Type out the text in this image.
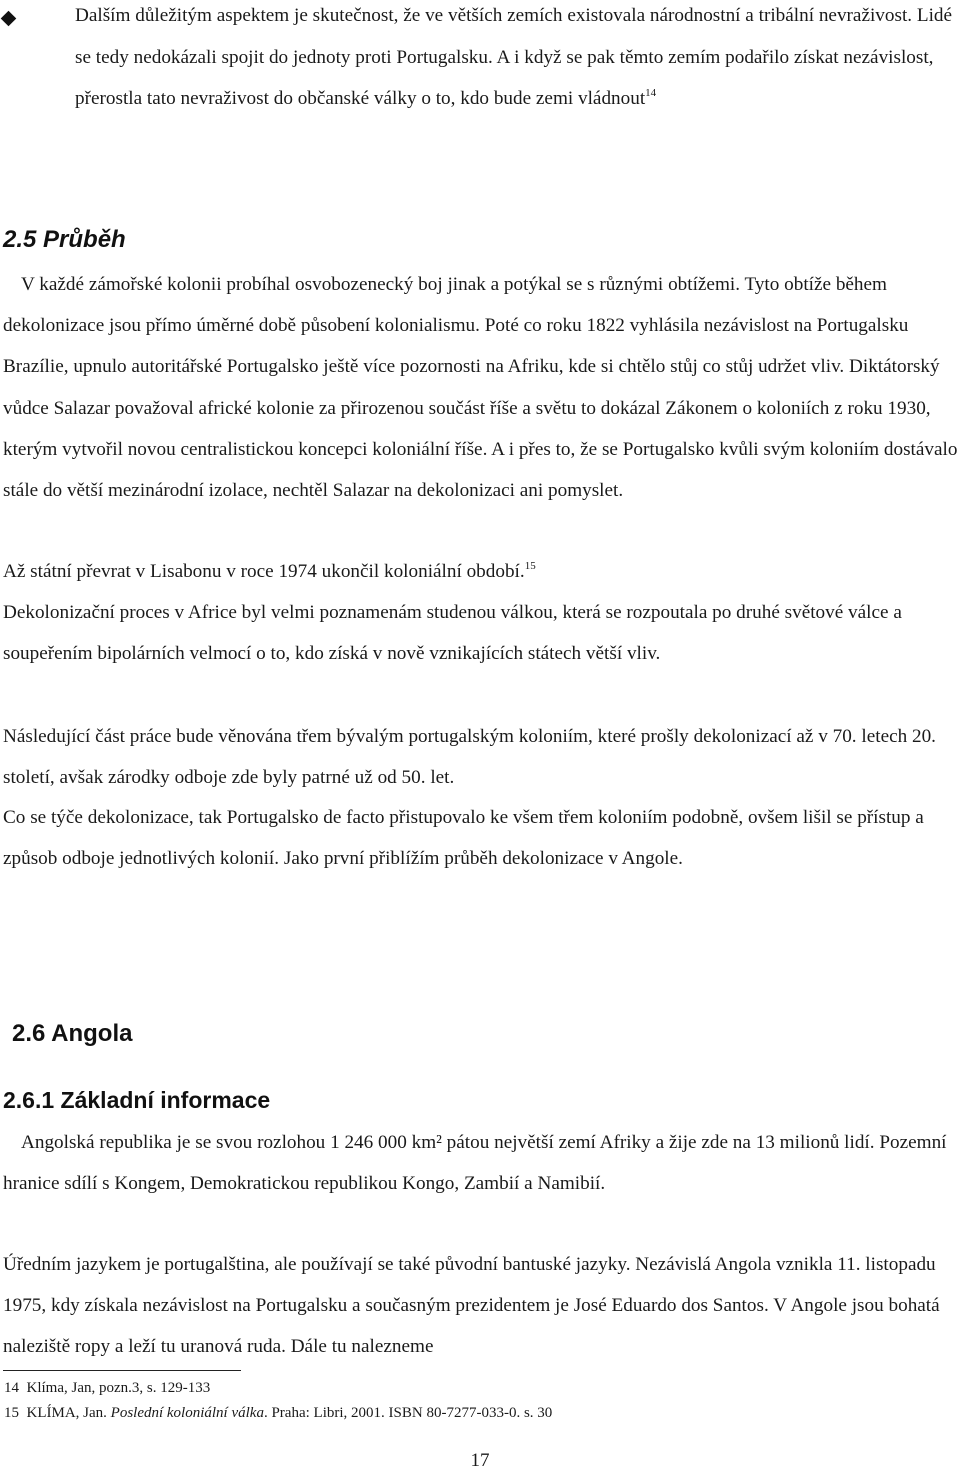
Dalším důležitým aspektem je skutečnost, že ve větších zemích existovala národnostní a tribální nevraživost. Lidé se tedy nedokázali spojit do jednoty proti Portugalsku. A i když se pak těmto zemím podařilo získat nezávislost, přerostla tato nevraživost do občanské války o to, kdo bude zemi vládnout$^{14}$

2.5 Průběh

V každé zámořské kolonii probíhal osvobozenecký boj jinak a potýkal se s různými obtížemi. Tyto obtíže během dekolonizace jsou přímo úměrné době působení kolonialismu. Poté co roku 1822 vyhlásila nezávislost na Portugalsku Brazílie, upnulo autoritářské Portugalsko ještě více pozornosti na Afriku, kde si chtělo stůj co stůj udržet vliv. Diktátorský vůdce Salazar považoval africké kolonie za přirozenou součást říše a světu to dokázal Zákonem o koloniích z roku 1930, kterým vytvořil novou centralistickou koncepci koloniální říše. A i přes to, že se Portugalsko kvůli svým koloniím dostávalo stále do větší mezinárodní izolace, nechtěl Salazar na dekolonizaci ani pomyslet.

Až státní převrat v Lisabonu v roce 1974 ukončil koloniální období.$^{15}$

Dekolonizační proces v Africe byl velmi poznamenám studenou válkou, která se rozpoutala po druhé světové válce a soupeřením bipolárních velmocí o to, kdo získá v nově vznikajících státech větší vliv.

Následující část práce bude věnována třem bývalým portugalským koloniím, které prošly dekolonizací až v 70. letech 20. století, avšak zárodky odboje zde byly patrné už od 50. let.

Co se týče dekolonizace, tak Portugalsko de facto přistupovalo ke všem třem koloniím podobně, ovšem lišil se přístup a způsob odboje jednotlivých kolonií. Jako první přiblížím průběh dekolonizace v Angole.

2.6 Angola
2.6.1 Základní informace

Angolská republika je se svou rozlohou 1 246 000 km² pátou největší zemí Afriky a žije zde na 13 milionů lidí. Pozemní hranice sdílí s Kongem, Demokratickou republikou Kongo, Zambií a Namibií.

Úředním jazykem je portugalština, ale používají se také původní bantuské jazyky. Nezávislá Angola vznikla 11. listopadu 1975, kdy získala nezávislost na Portugalsku a současným prezidentem je José Eduardo dos Santos. V Angole jsou bohatá naleziště ropy a leží tu uranová ruda. Dále tu nalezneme

14 Klíma, Jan, pozn.3, s. 129-133
15 KLÍMA, Jan. Poslední koloniální válka. Praha: Libri, 2001. ISBN 80-7277-033-0. s. 30

17
